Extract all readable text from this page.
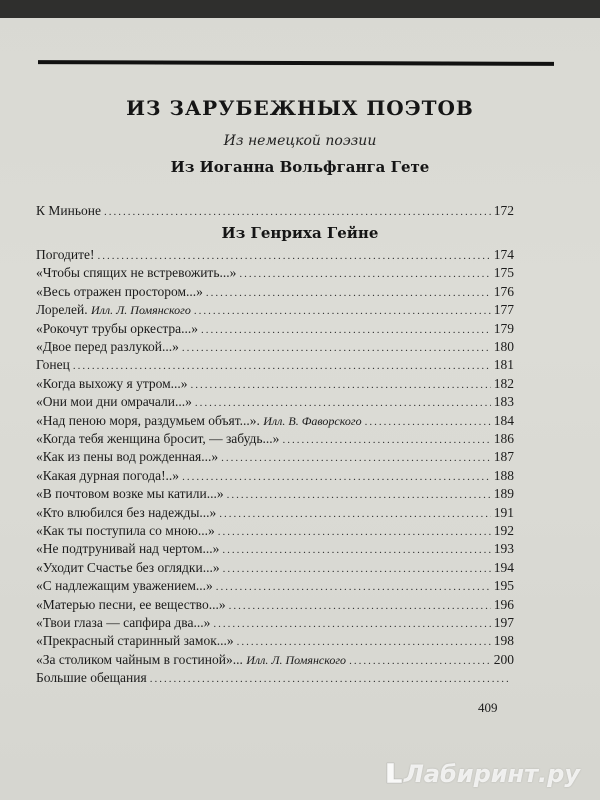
ИЗ ЗАРУБЕЖНЫХ ПОЭТОВ
Из немецкой поэзии
Из Иоганна Вольфганга Гете
Из Генриха Гейне
К Миньоне .....	172
Погодите! .....	174
«Чтобы спящих не встревожить...» .....	175
«Весь отражен простором...» .....	176
Лорелей. Илл. Л. Помянского .....	177
«Рокочут трубы оркестра...» .....	179
«Двое перед разлукой...» .....	180
Гонец .....	181
«Когда выхожу я утром...» .....	182
«Они мои дни омрачали...» .....	183
«Над пеною моря, раздумьем объят...». Илл. В. Фаворского .....	184
«Когда тебя женщина бросит, — забудь...» .....	186
«Как из пены вод рожденная...» .....	187
«Какая дурная погода!..» .....	188
«В почтовом возке мы катили...» .....	189
«Кто влюбился без надежды...» .....	191
«Как ты поступила со мною...» .....	192
«Не подтрунивай над чертом...» .....	193
«Уходит Счастье без оглядки...» .....	194
«С надлежащим уважением...» .....	195
«Матерью песни, ее вещество...» .....	196
«Твои глаза — сапфира два...» .....	197
«Прекрасный старинный замок...» .....	198
«За столиком чайным в гостиной»... Илл. Л. Помянского .....	200
Большие обещания
.....
409
Лабиринт.ру
